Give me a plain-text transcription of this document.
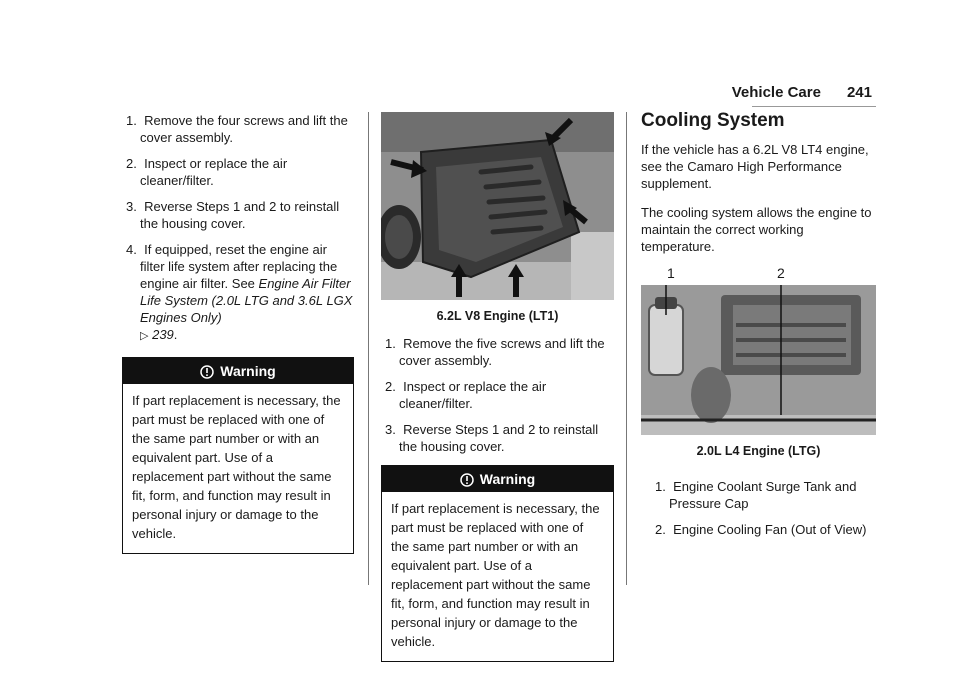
Vehicle Care 241
1.  Remove the four screws and lift the cover assembly.
2.  Inspect or replace the air cleaner/filter.
3.  Reverse Steps 1 and 2 to reinstall the housing cover.
4.  If equipped, reset the engine air filter life system after replacing the engine air filter. See Engine Air Filter Life System (2.0L LTG and 3.6L LGX Engines Only)
▷ 239.
Warning
If part replacement is necessary, the part must be replaced with one of the same part number or with an equivalent part. Use of a replacement part without the same fit, form, and function may result in personal injury or damage to the vehicle.
6.2L V8 Engine (LT1)
1.  Remove the five screws and lift the cover assembly.
2.  Inspect or replace the air cleaner/filter.
3.  Reverse Steps 1 and 2 to reinstall the housing cover.
Warning
If part replacement is necessary, the part must be replaced with one of the same part number or with an equivalent part. Use of a replacement part without the same fit, form, and function may result in personal injury or damage to the vehicle.
Cooling System

If the vehicle has a 6.2L V8 LT4 engine, see the Camaro High Performance supplement.

The cooling system allows the engine to maintain the correct working temperature.

1	2
2.0L L4 Engine (LTG)
1.  Engine Coolant Surge Tank and Pressure Cap
2.  Engine Cooling Fan (Out of View)
